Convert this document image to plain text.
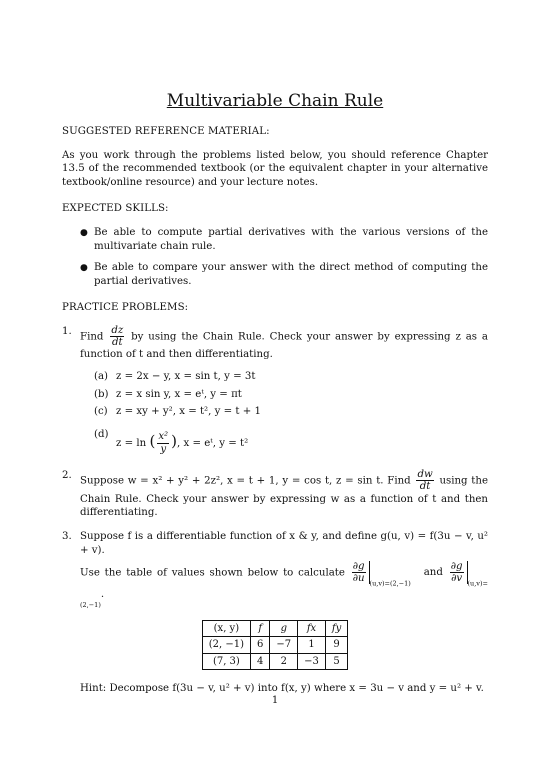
Multivariable Chain Rule
SUGGESTED REFERENCE MATERIAL:
As you work through the problems listed below, you should reference Chapter 13.5 of the recommended textbook (or the equivalent chapter in your alternative textbook/online resource) and your lecture notes.
EXPECTED SKILLS:
● Be able to compute partial derivatives with the various versions of the multivariate chain rule.
● Be able to compare your answer with the direct method of computing the partial derivatives.
PRACTICE PROBLEMS:
1.
Find $\frac{dz}{dt}$ by using the Chain Rule. Check your answer by expressing z as a function of t and then differentiating.
(a) z = 2x − y, x = sin t, y = 3t
(b) z = x sin y, x = eᵗ, y = πt
(c) z = xy + y², x = t², y = t + 1
(d)
z = ln ( $\frac{\text{x²}}{y}$ ), x = eᵗ, y = t²
2.
Suppose w = x² + y² + 2z², x = t + 1, y = cos t, z = sin t. Find $\frac{dw}{dt}$ using the Chain Rule. Check your answer by expressing w as a function of t and then differentiating.
3. Suppose f is a differentiable function of x & y, and define g(u, v) = f(3u − v, u² + v).
Use the table of values shown below to calculate $\frac{\partial g}{\partial u} _{(u,v)=(2,-1)}$ and $\frac{\partial g}{\partial v} _{(u,v)=(2,-1)}$.
(x, y)	f	g	fx	fy
(2, −1)	6	−7	1	9
(7, 3)	4	2	−3	5
Hint: Decompose f(3u − v, u² + v) into f(x, y) where x = 3u − v and y = u² + v.
1
